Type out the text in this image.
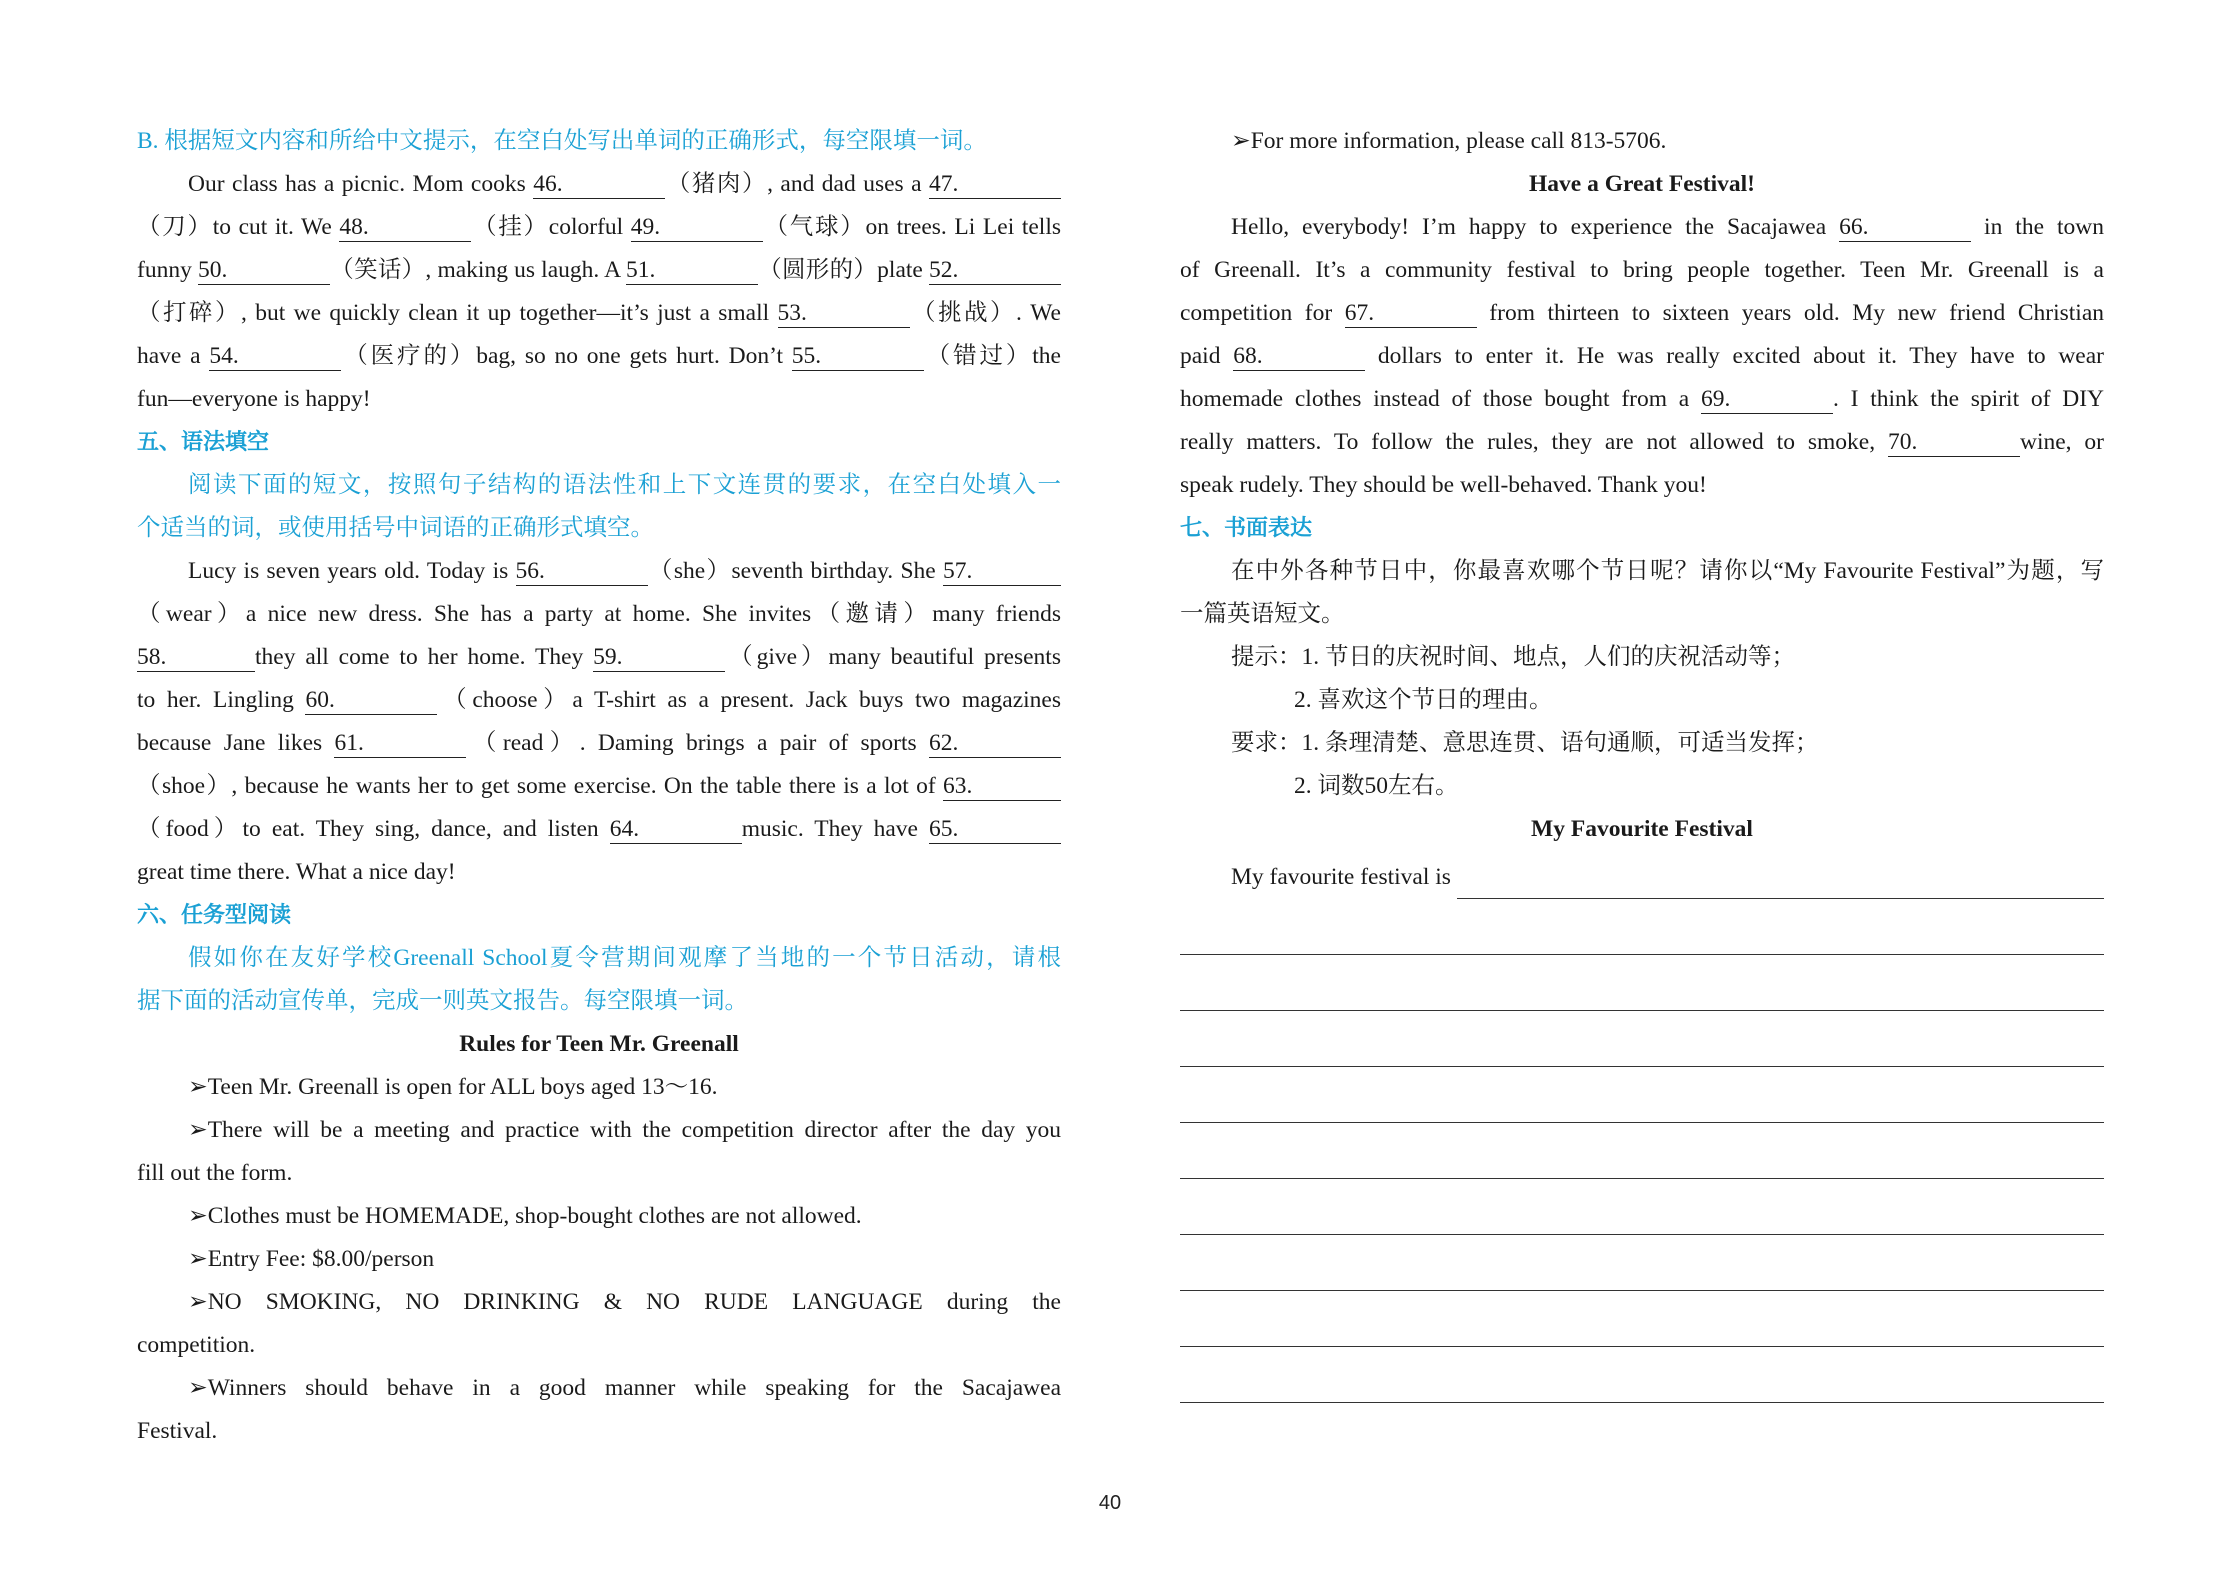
B. 根据短文内容和所给中文提示，在空白处写出单词的正确形式，每空限填一词。
Our class has a picnic. Mom cooks 46.	（猪肉）, and dad uses a 47.
（刀）to cut it. We 48.	（挂）colorful 49.	（气球）on trees. Li Lei tells
funny 50.	（笑话）, making us laugh. A 51.	（圆形的）plate 52.
（打碎）, but we quickly clean it up together—it’s just a small 53.	（挑战）. We
have a 54.	（医疗的）bag, so no one gets hurt. Don’t 55.	（错过）the
fun—everyone is happy!
五、语法填空
阅读下面的短文，按照句子结构的语法性和上下文连贯的要求，在空白处填入一
个适当的词，或使用括号中词语的正确形式填空。
Lucy is seven years old. Today is 56.	（she）seventh birthday. She 57.
（wear）a nice new dress. She has a party at home. She invites（邀请）many friends
58.	they all come to her home. They 59.	（give）many beautiful presents
to her. Lingling 60.	（choose）a T-shirt as a present. Jack buys two magazines
because Jane likes 61.	（read）. Daming brings a pair of sports 62.
（shoe）, because he wants her to get some exercise. On the table there is a lot of 63.
（food）to eat. They sing, dance, and listen 64.	music. They have 65.
great time there. What a nice day!
六、任务型阅读
假如你在友好学校Greenall School夏令营期间观摩了当地的一个节日活动，请根
据下面的活动宣传单，完成一则英文报告。每空限填一词。
Rules for Teen Mr. Greenall
➢Teen Mr. Greenall is open for ALL boys aged 13～16.
➢There will be a meeting and practice with the competition director after the day you
fill out the form.
➢Clothes must be HOMEMADE, shop-bought clothes are not allowed.
➢Entry Fee: $8.00/person
➢NO SMOKING, NO DRINKING & NO RUDE LANGUAGE during the
competition.
➢Winners should behave in a good manner while speaking for the Sacajawea
Festival.
➢For more information, please call 813-5706.
Have a Great Festival!
Hello, everybody! I’m happy to experience the Sacajawea 66.	in the town
of Greenall. It’s a community festival to bring people together. Teen Mr. Greenall is a
competition for 67.	from thirteen to sixteen years old. My new friend Christian
paid 68.	dollars to enter it. He was really excited about it. They have to wear
homemade clothes instead of those bought from a 69.	. I think the spirit of DIY
really matters. To follow the rules, they are not allowed to smoke, 70.	wine, or
speak rudely. They should be well-behaved. Thank you!
七、书面表达
在中外各种节日中，你最喜欢哪个节日呢？请你以“My Favourite Festival”为题，写
一篇英语短文。
提示：1. 节日的庆祝时间、地点，人们的庆祝活动等；
2. 喜欢这个节日的理由。
要求：1. 条理清楚、意思连贯、语句通顺，可适当发挥；
2. 词数50左右。
My Favourite Festival
My favourite festival is
40
